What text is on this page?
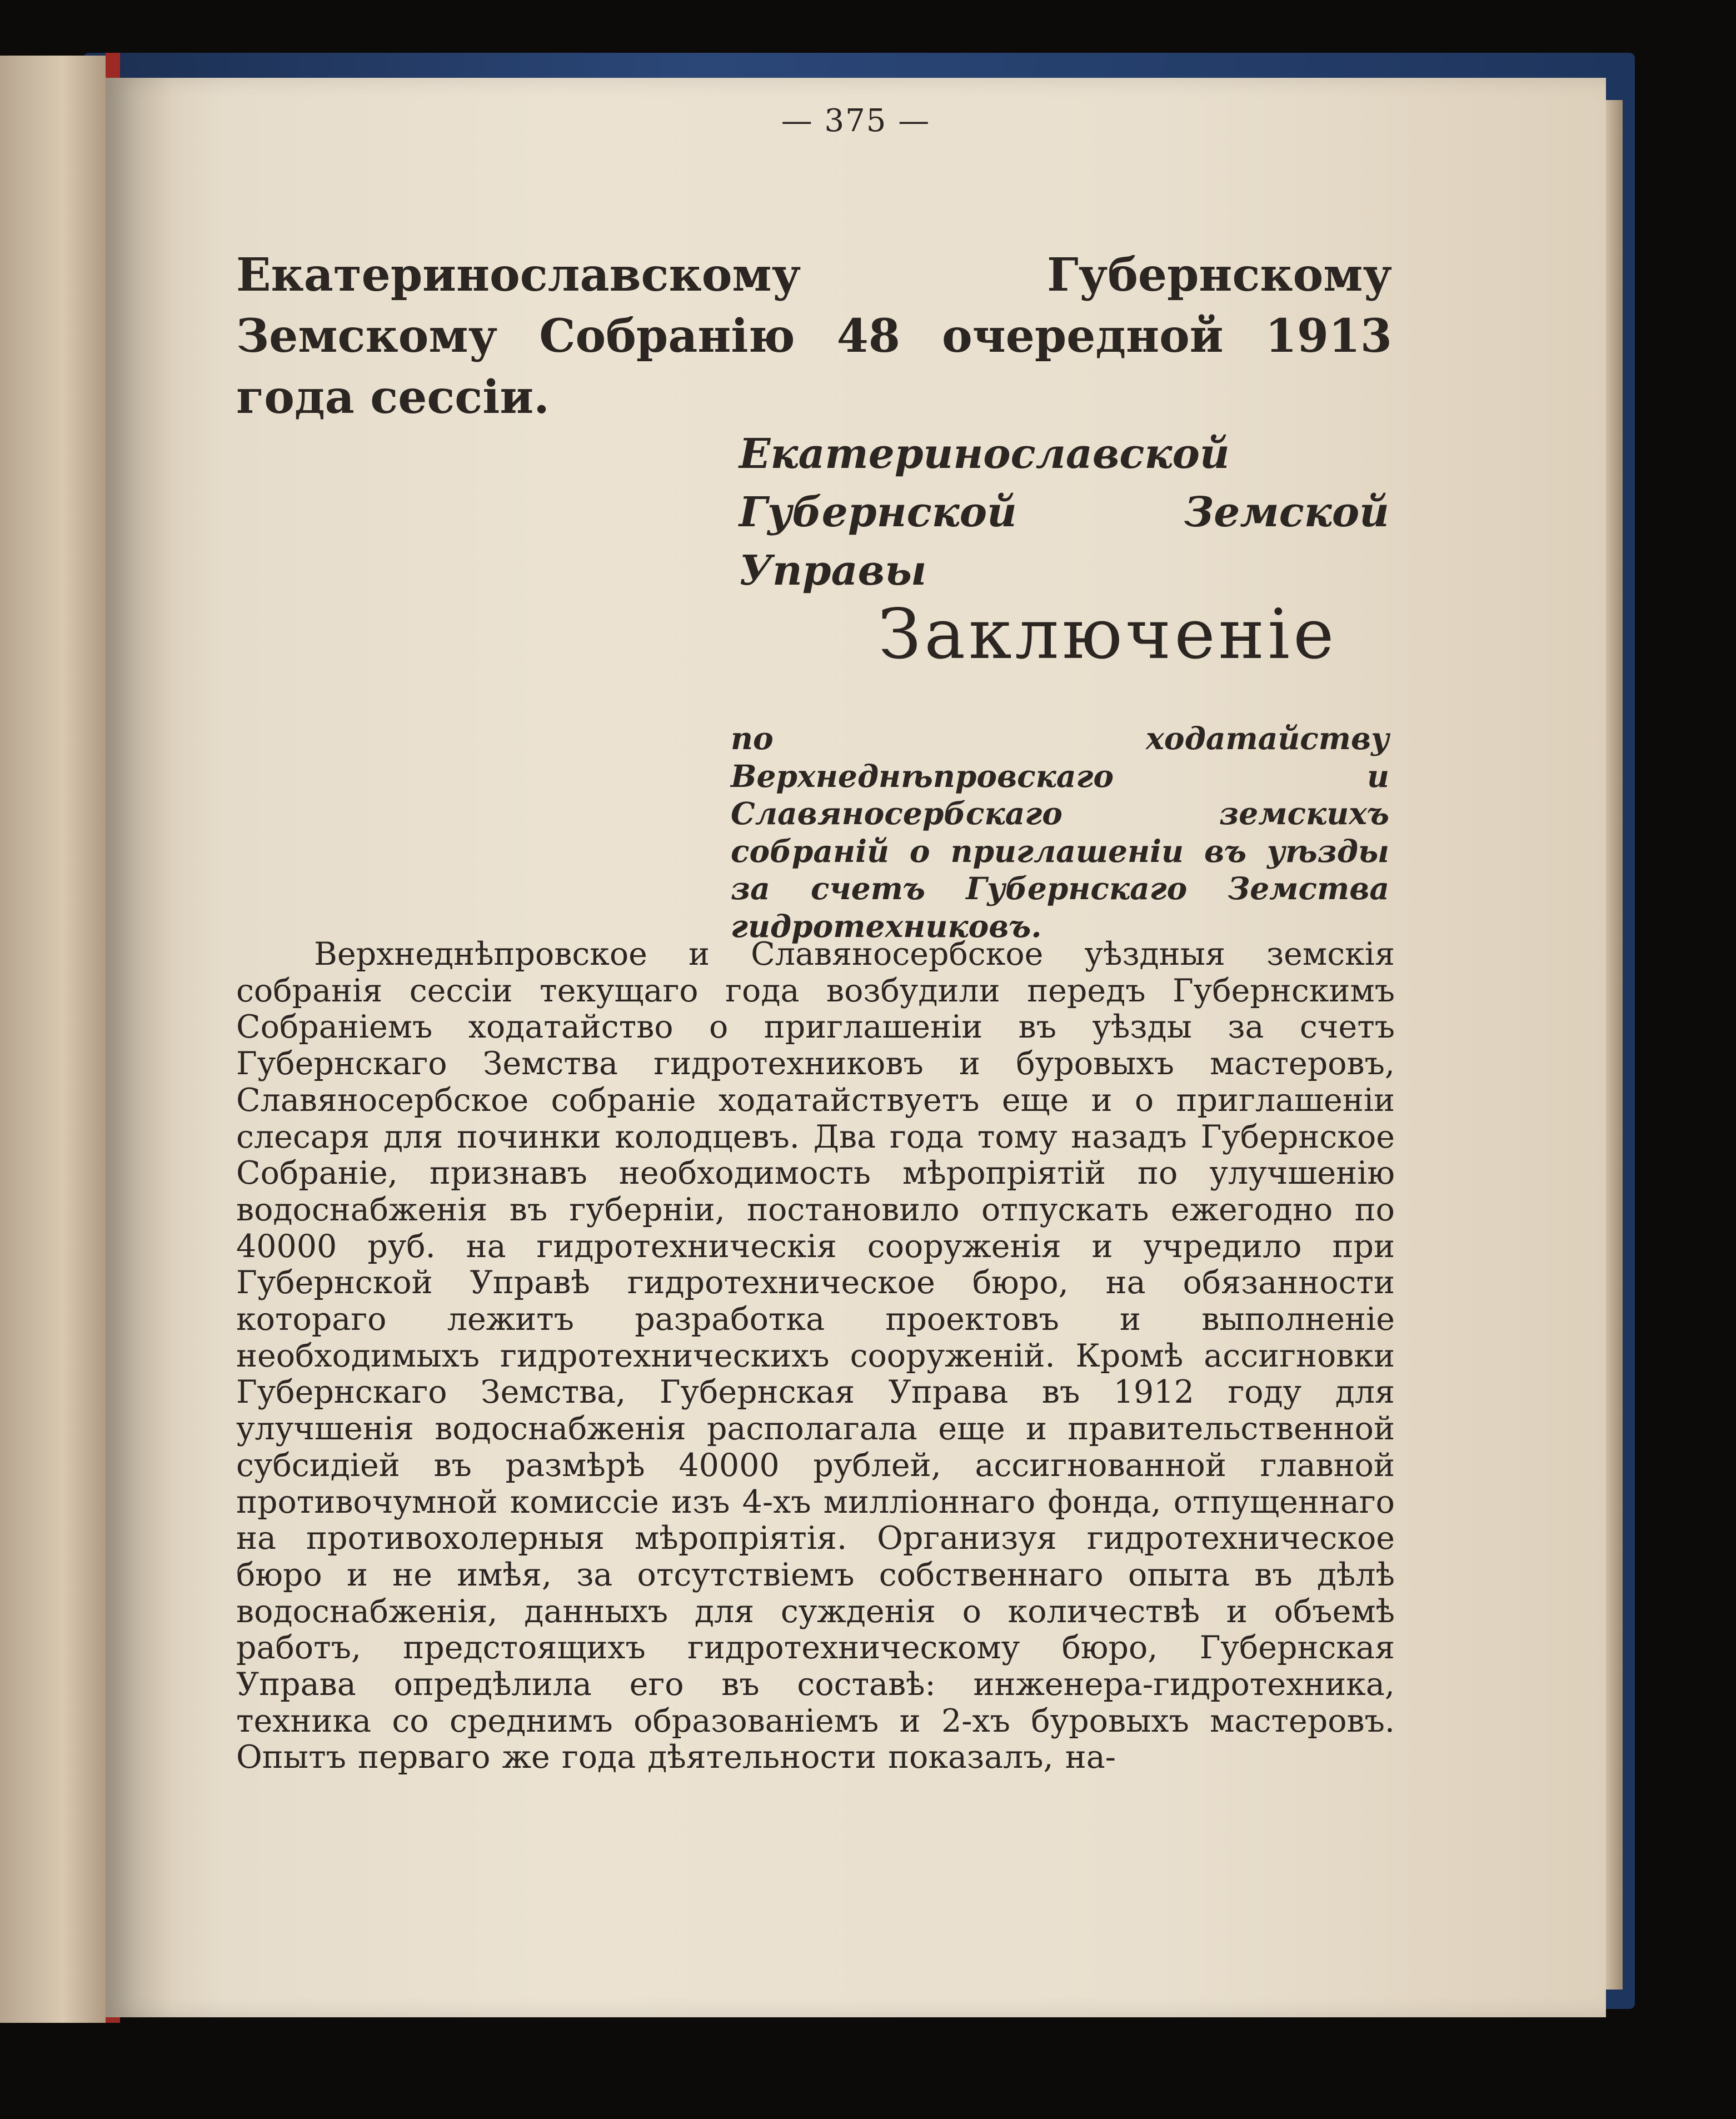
— 375 —
Екатеринославскому Губернскому Земскому Собранію 48 очередной 1913 года сессіи.
Екатеринославской Губернской Земской Управы
Заключеніе
по ходатайству Верхнеднѣпровскаго и Славяносербскаго земскихъ собраній о приглашеніи въ уѣзды за счетъ Губернскаго Земства гидротехниковъ.

Верхнеднѣпровское и Славяносербское уѣздныя земскія собранія сессіи текущаго года возбудили передъ Губернскимъ Собраніемъ ходатайство о приглашеніи въ уѣзды за счетъ Губернскаго Земства гидротехниковъ и буровыхъ мастеровъ, Славяносербское собраніе ходатайствуетъ еще и о приглашеніи слесаря для починки колодцевъ. Два года тому назадъ Губернское Собраніе, признавъ необходимость мѣропріятій по улучшенію водоснабженія въ губерніи, постановило отпускать ежегодно по 40000 руб. на гидротехническія сооруженія и учредило при Губернской Управѣ гидротехническое бюро, на обязанности котораго лежитъ разработка проектовъ и выполненіе необходимыхъ гидротехническихъ сооруженій. Кромѣ ассигновки Губернскаго Земства, Губернская Управа въ 1912 году для улучшенія водоснабженія располагала еще и правительственной субсидіей въ размѣрѣ 40000 рублей, ассигнованной главной противочумной комиссіе изъ 4-хъ милліоннаго фонда, отпущеннаго на противохолерныя мѣропріятія. Организуя гидротехническое бюро и не имѣя, за отсутствіемъ собственнаго опыта въ дѣлѣ водоснабженія, данныхъ для сужденія о количествѣ и объемѣ работъ, предстоящихъ гидротехническому бюро, Губернская Управа опредѣлила его въ составѣ: инженера-гидротехника, техника со среднимъ образованіемъ и 2-хъ буровыхъ мастеровъ. Опытъ перваго же года дѣятельности показалъ, на-
